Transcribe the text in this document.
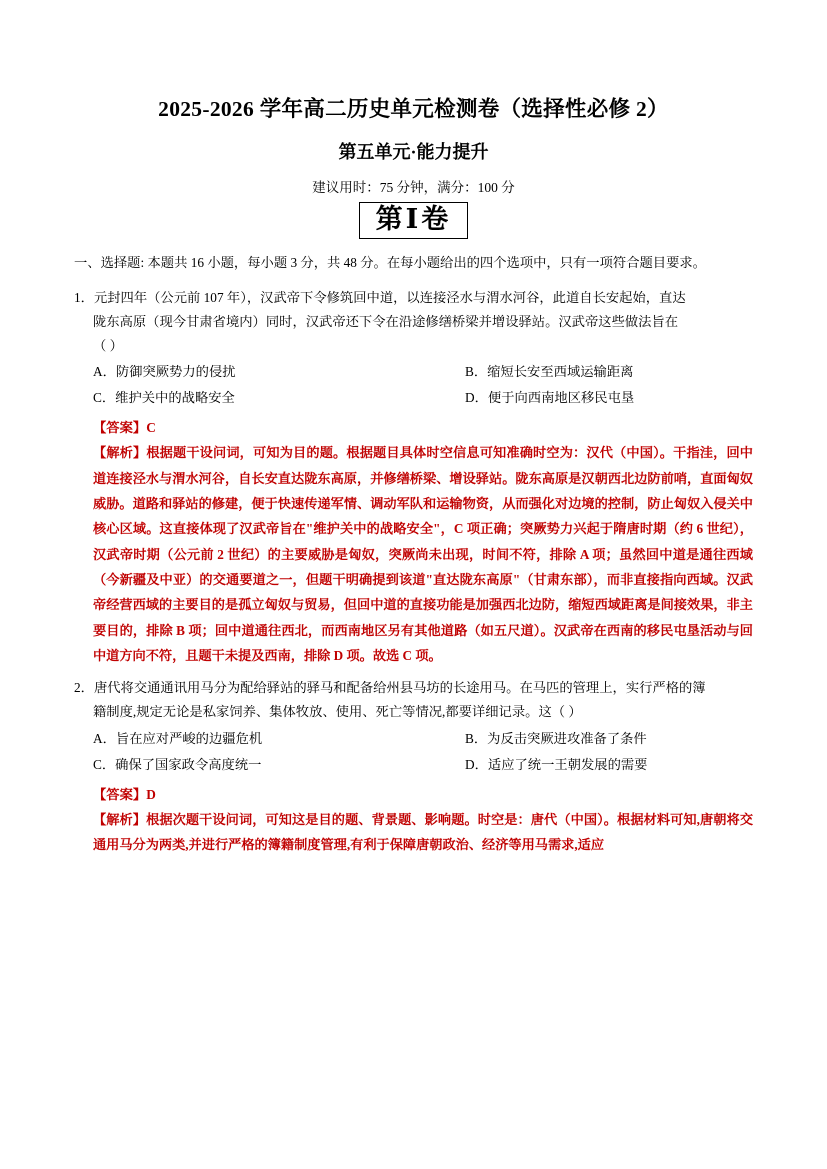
2025-2026 学年高二历史单元检测卷（选择性必修 2）
第五单元·能力提升
建议用时：75 分钟，满分：100 分
第Ⅰ卷

一、选择题: 本题共 16 小题，每小题 3 分，共 48 分。在每小题给出的四个选项中，只有一项符合题目要求。

1．元封四年（公元前 107 年），汉武帝下令修筑回中道，以连接泾水与渭水河谷，此道自长安起始，直达
陇东高原（现今甘肃省境内）同时，汉武帝还下令在沿途修缮桥梁并增设驿站。汉武帝这些做法旨在
（ ）
A．防御突厥势力的侵扰	B．缩短长安至西域运输距离
C．维护关中的战略安全	D．便于向西南地区移民屯垦
【答案】C
【解析】根据题干设问词，可知为目的题。根据题目具体时空信息可知准确时空为：汉代（中国）。干指洼，回中道连接泾水与渭水河谷，自长安直达陇东高原，并修缮桥梁、增设驿站。陇东高原是汉朝西北边防前哨，直面匈奴威胁。道路和驿站的修建，便于快速传递军情、调动军队和运输物资，从而强化对边境的控制，防止匈奴入侵关中核心区域。这直接体现了汉武帝旨在"维护关中的战略安全"，C 项正确；突厥势力兴起于隋唐时期（约 6 世纪），汉武帝时期（公元前 2 世纪）的主要威胁是匈奴，突厥尚未出现，时间不符，排除 A 项；虽然回中道是通往西域（今新疆及中亚）的交通要道之一，但题干明确提到该道"直达陇东高原"（甘肃东部），而非直接指向西域。汉武帝经营西域的主要目的是孤立匈奴与贸易，但回中道的直接功能是加强西北边防，缩短西域距离是间接效果，非主要目的，排除 B 项；回中道通往西北，而西南地区另有其他道路（如五尺道）。汉武帝在西南的移民屯垦活动与回中道方向不符，且题干未提及西南，排除 D 项。故选 C 项。
2．唐代将交通通讯用马分为配给驿站的驿马和配备给州县马坊的长途用马。在马匹的管理上，实行严格的簿
籍制度,规定无论是私家饲养、集体牧放、使用、死亡等情况,都要详细记录。这（ ）
A．旨在应对严峻的边疆危机	B．为反击突厥进攻准备了条件
C．确保了国家政令高度统一	D．适应了统一王朝发展的需要
【答案】D
【解析】根据次题干设问词，可知这是目的题、背景题、影响题。时空是：唐代（中国）。根据材料可知,唐朝将交通用马分为两类,并进行严格的簿籍制度管理,有利于保障唐朝政治、经济等用马需求,适应
